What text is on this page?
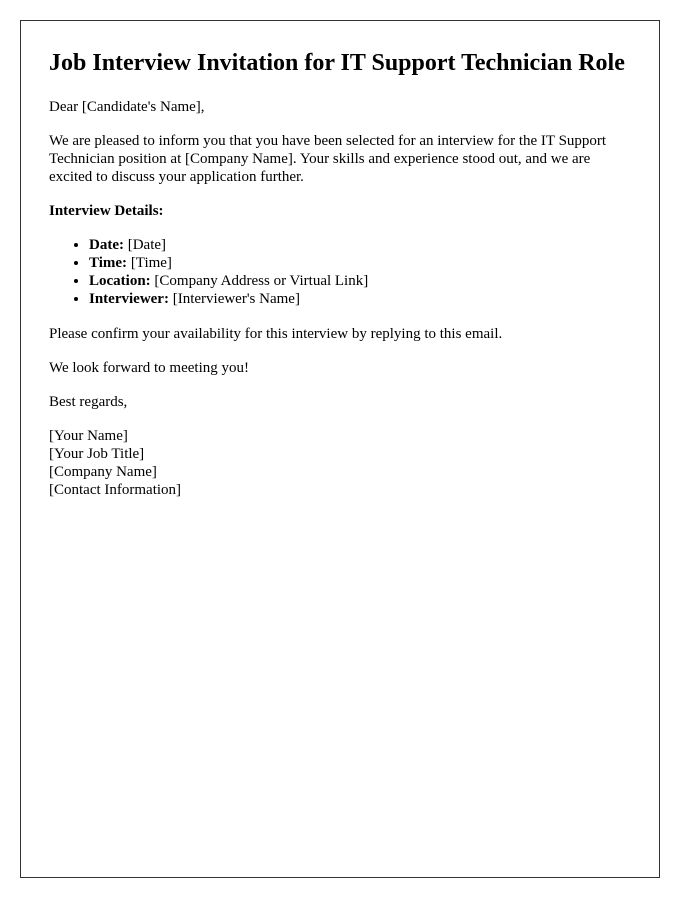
Job Interview Invitation for IT Support Technician Role

Dear [Candidate's Name],

We are pleased to inform you that you have been selected for an interview for the IT Support Technician position at [Company Name]. Your skills and experience stood out, and we are excited to discuss your application further.

Interview Details:

• Date: [Date]
• Time: [Time]
• Location: [Company Address or Virtual Link]
• Interviewer: [Interviewer's Name]

Please confirm your availability for this interview by replying to this email.

We look forward to meeting you!

Best regards,

[Your Name]
[Your Job Title]
[Company Name]
[Contact Information]
